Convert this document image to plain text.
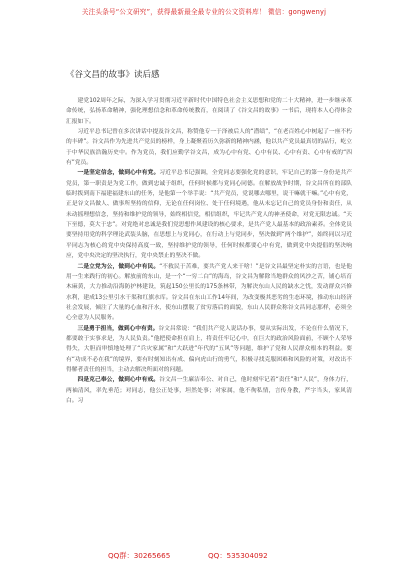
关注头条号“公文研究”，获得最新最全最专业的公文资料库！ 微信：gongwenyj
《谷文昌的故事》读后感

建党102周年之际，为深入学习贯彻习近平新时代中国特色社会主义思想和党的二十大精神，进一步继承革命传统，弘扬革命精神，强化理想信念和革命传统教育，在阅读了《谷文昌的故事》一书后，现将本人心得体会汇报如下。

习近平总书记曾在多次讲话中提及谷文昌，称赞他专一于泽被后人的“潜绩”，“在老百姓心中树起了一座不朽的丰碑”。谷文昌作为先进共产党员的榜样，身上凝聚着历久弥新的精神内涵，他以共产党员最真切的品行，屹立于中华民族浩瀚历史中。作为党员，我们应勤学谷文昌，成为心中有党、心中有民、心中有责、心中有戒的“四有”党员。

一是坚定信念，做到心中有党。习近平总书记强调，全党同志要强化党的意识，牢记自己的第一身份是共产党员，第一职责是为党工作，做到忠诚于组织，任何时候都与党同心同德。在解放战争时期，谷文昌所在的部队临时拨到南下福建福建东山的任务，是他第一个举手说：“共产党员，党说哪去哪里，说干嘛就干嘛。”心中有党，正是谷文昌做人、做事所坚持的信仰，无论在任何岗位、处于任何境遇，他从未忘记自己的党员身份和责任，从未动摇理想信念，坚持和维护党的领导，始终相信党，相信组织，牢记共产党人的神圣使命，对党无限忠诚。“天下至德，莫大于忠”。对党绝对忠诚是我们党思想作风建设的核心要求，是共产党人最基本的政治素养。全体党员要坚持用党的科学理论武装头脑，在思想上与党同心，在行动上与党同步，坚决做到“两个维护”，始终同以习近平同志为核心的党中央保持高度一致，坚持维护党的领导，任何时候都要心中有党，做到党中央提倡的坚决响应，党中央决定的坚决执行，党中央禁止的坚决不做。

二是立党为公，做到心中有民。“不救民于苦难，要共产党人来干啥！”是谷文昌最坚定朴实的言语，也是他用一生来践行的初心。解放前的东山，是一个“一穷二白”的海岛，谷文昌为解除当地群众的风沙之苦，铺心培育木麻黄，大力推动沿海防护林建设，筑起150公里长的175条林带，为解决东山人民的缺水之忧，发动群众兴修水利，建成13公里引水干渠和红旗水库。谷文昌在东山工作14年间，为改变极其恶劣的生态环境，推动东山经济社会发展，倾注了大量的心血和汗水，使东山摆脱了贫穷落后的面貌，东山人民群众称谷文昌同志那样，必须全心全意为人民服务。

三是勇于担当，做到心中有责。谷文昌常说：“我们共产党人说话办事，要从实际出发，不论在什么情况下，都要敢于实事求是，为人民负责。”他把使命担在肩上，将责任牢记心中，在巨大的政治风险面前，不顾个人荣辱得失，大胆而审慎地处理了“兵灾家属”和“大跃进”年代的“五风”等问题，维护了党和人民群众根本的利益。要有“功成不必在我”的境界，要有时刻知出有成、偏向虎山行的勇气，积极寻找克服困难和风险的对策，对改出不得解者责任的担当，主动去解决所面对的问题。

四是克己奉公，做到心中有戒。谷文昌一生廉洁奉公、对自己，他时刻牢记着“责任”和“人民”，身体力行，两袖清风，率先垂范；对同志，他公正处事，坦然处事；对家属，他不徇私情，言传身教，严字当头，家风清白。习

QQ群：30265665	QQ：535304092
